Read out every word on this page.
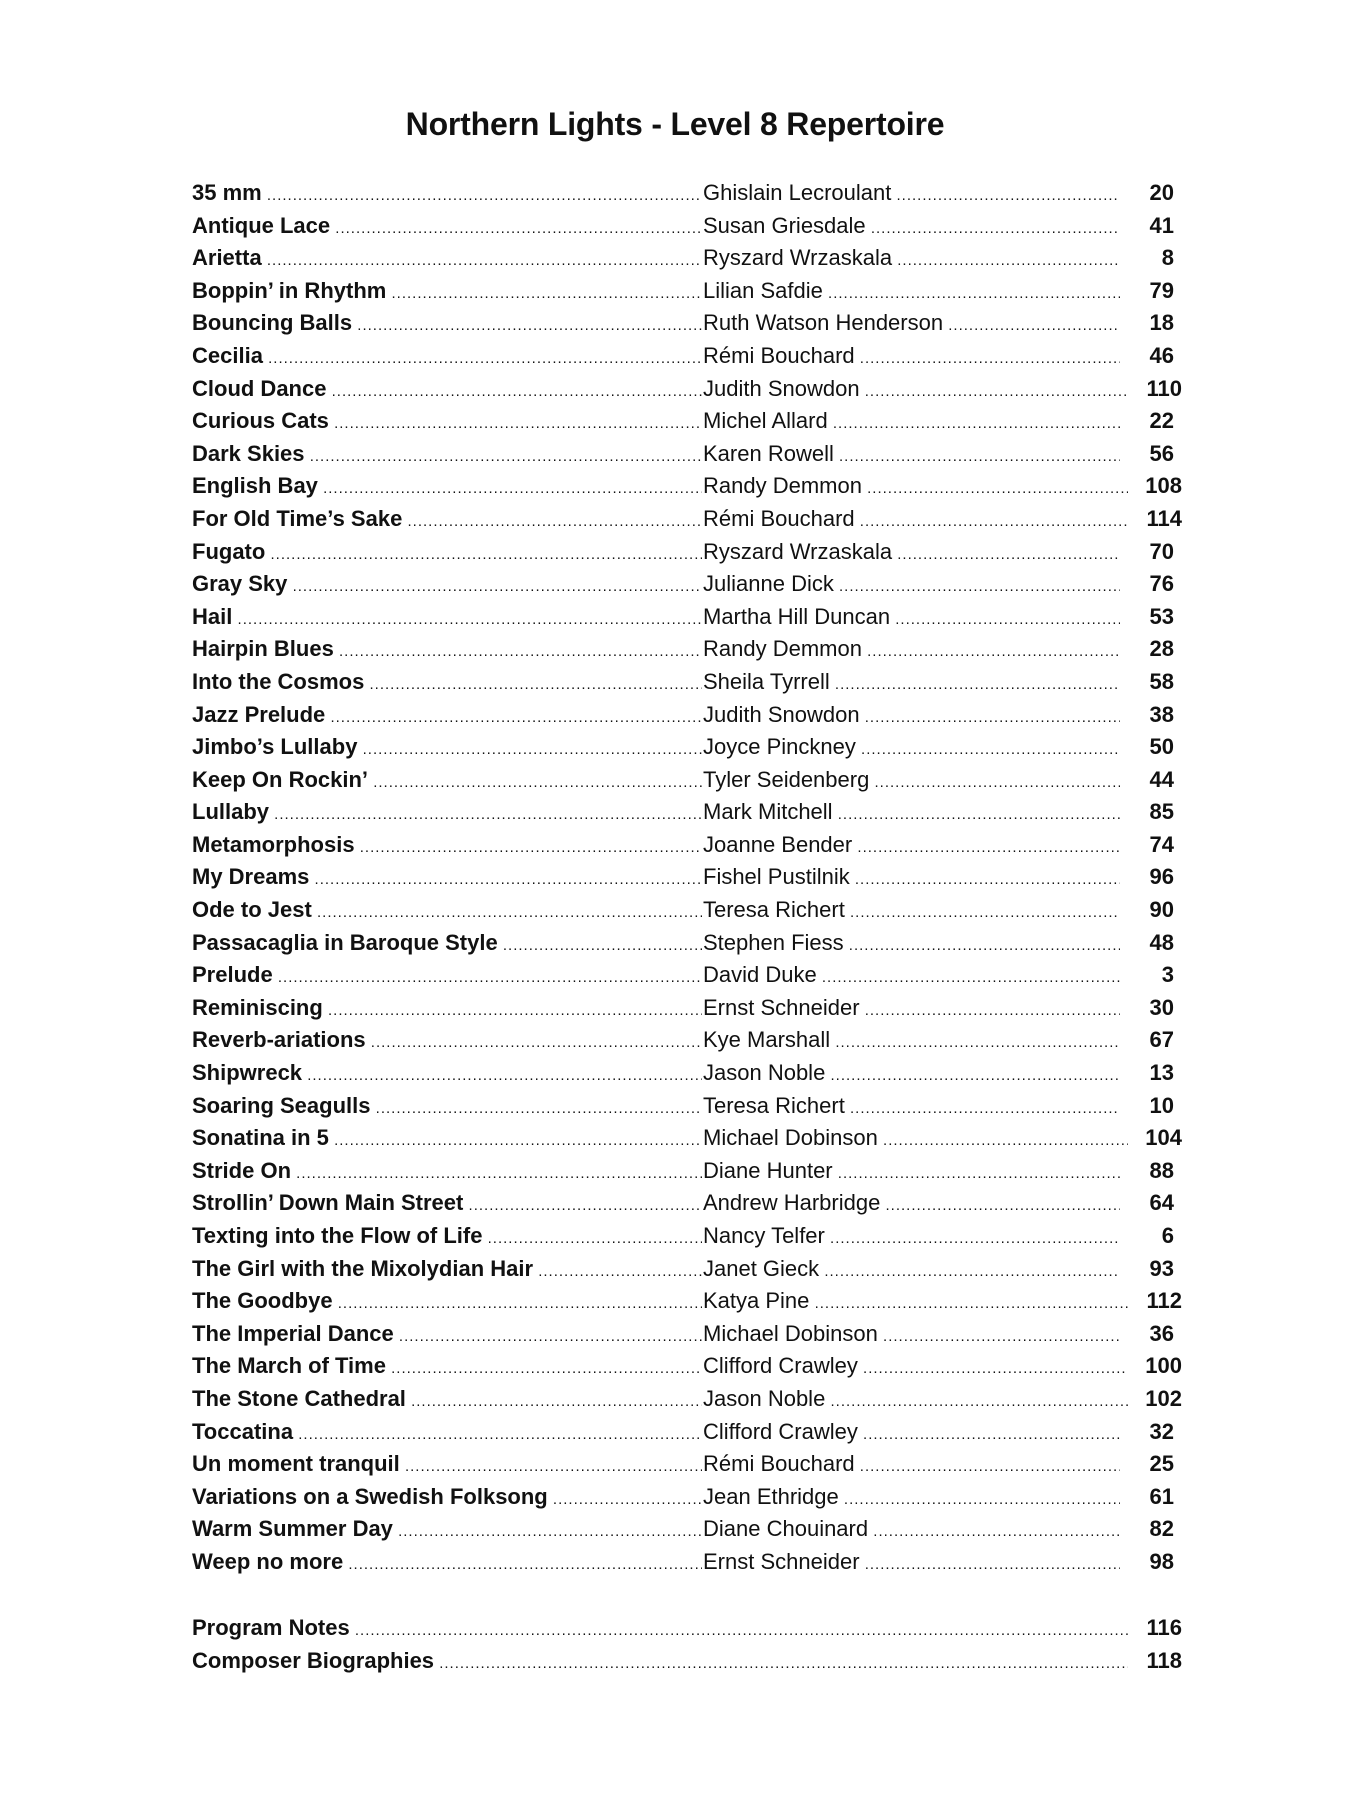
Northern Lights - Level 8 Repertoire
35 mm .....	Ghislain Lecroulant .....	20
Antique Lace .....	Susan Griesdale .....	41
Arietta .....	Ryszard Wrzaskala .....	8
Boppin’ in Rhythm .....	Lilian Safdie .....	79
Bouncing Balls .....	Ruth Watson Henderson .....	18
Cecilia .....	Rémi Bouchard .....	46
Cloud Dance .....	Judith Snowdon .....	110
Curious Cats .....	Michel Allard .....	22
Dark Skies .....	Karen Rowell .....	56
English Bay .....	Randy Demmon .....	108
For Old Time’s Sake .....	Rémi Bouchard .....	114
Fugato .....	Ryszard Wrzaskala .....	70
Gray Sky .....	Julianne Dick .....	76
Hail .....	Martha Hill Duncan .....	53
Hairpin Blues .....	Randy Demmon .....	28
Into the Cosmos .....	Sheila Tyrrell .....	58
Jazz Prelude .....	Judith Snowdon .....	38
Jimbo’s Lullaby .....	Joyce Pinckney .....	50
Keep On Rockin’ .....	Tyler Seidenberg .....	44
Lullaby .....	Mark Mitchell .....	85
Metamorphosis .....	Joanne Bender .....	74
My Dreams .....	Fishel Pustilnik .....	96
Ode to Jest .....	Teresa Richert .....	90
Passacaglia in Baroque Style .....	Stephen Fiess .....	48
Prelude .....	David Duke .....	3
Reminiscing .....	Ernst Schneider .....	30
Reverb-ariations .....	Kye Marshall .....	67
Shipwreck .....	Jason Noble .....	13
Soaring Seagulls .....	Teresa Richert .....	10
Sonatina in 5 .....	Michael Dobinson .....	104
Stride On .....	Diane Hunter .....	88
Strollin’ Down Main Street .....	Andrew Harbridge .....	64
Texting into the Flow of Life .....	Nancy Telfer .....	6
The Girl with the Mixolydian Hair .....	Janet Gieck .....	93
The Goodbye .....	Katya Pine .....	112
The Imperial Dance .....	Michael Dobinson .....	36
The March of Time .....	Clifford Crawley .....	100
The Stone Cathedral .....	Jason Noble .....	102
Toccatina .....	Clifford Crawley .....	32
Un moment tranquil .....	Rémi Bouchard .....	25
Variations on a Swedish Folksong .....	Jean Ethridge .....	61
Warm Summer Day .....	Diane Chouinard .....	82
Weep no more .....	Ernst Schneider .....	98
Program Notes .....	116
Composer Biographies .....	118
